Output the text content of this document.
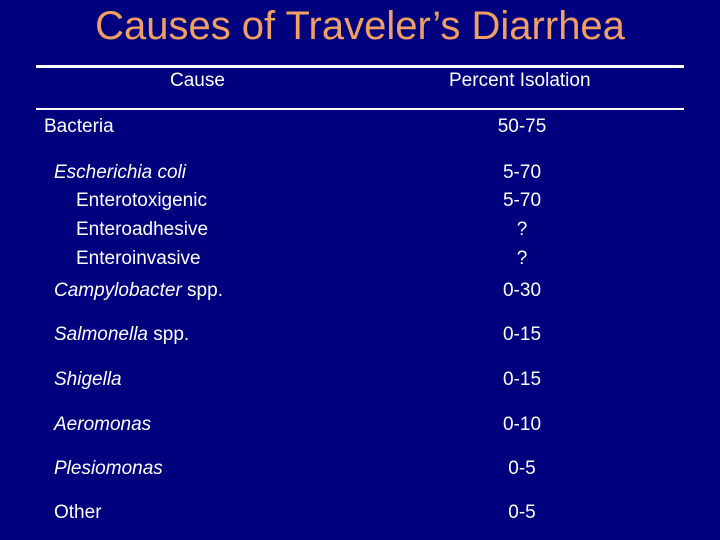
Causes of Traveler’s Diarrhea
Cause	Percent Isolation
Bacteria	50-75
Escherichia coli	5-70
Enterotoxigenic	5-70
Enteroadhesive	?
Enteroinvasive	?
Campylobacter spp.	0-30
Salmonella spp.	0-15
Shigella	0-15
Aeromonas	0-10
Plesiomonas	0-5
Other	0-5
